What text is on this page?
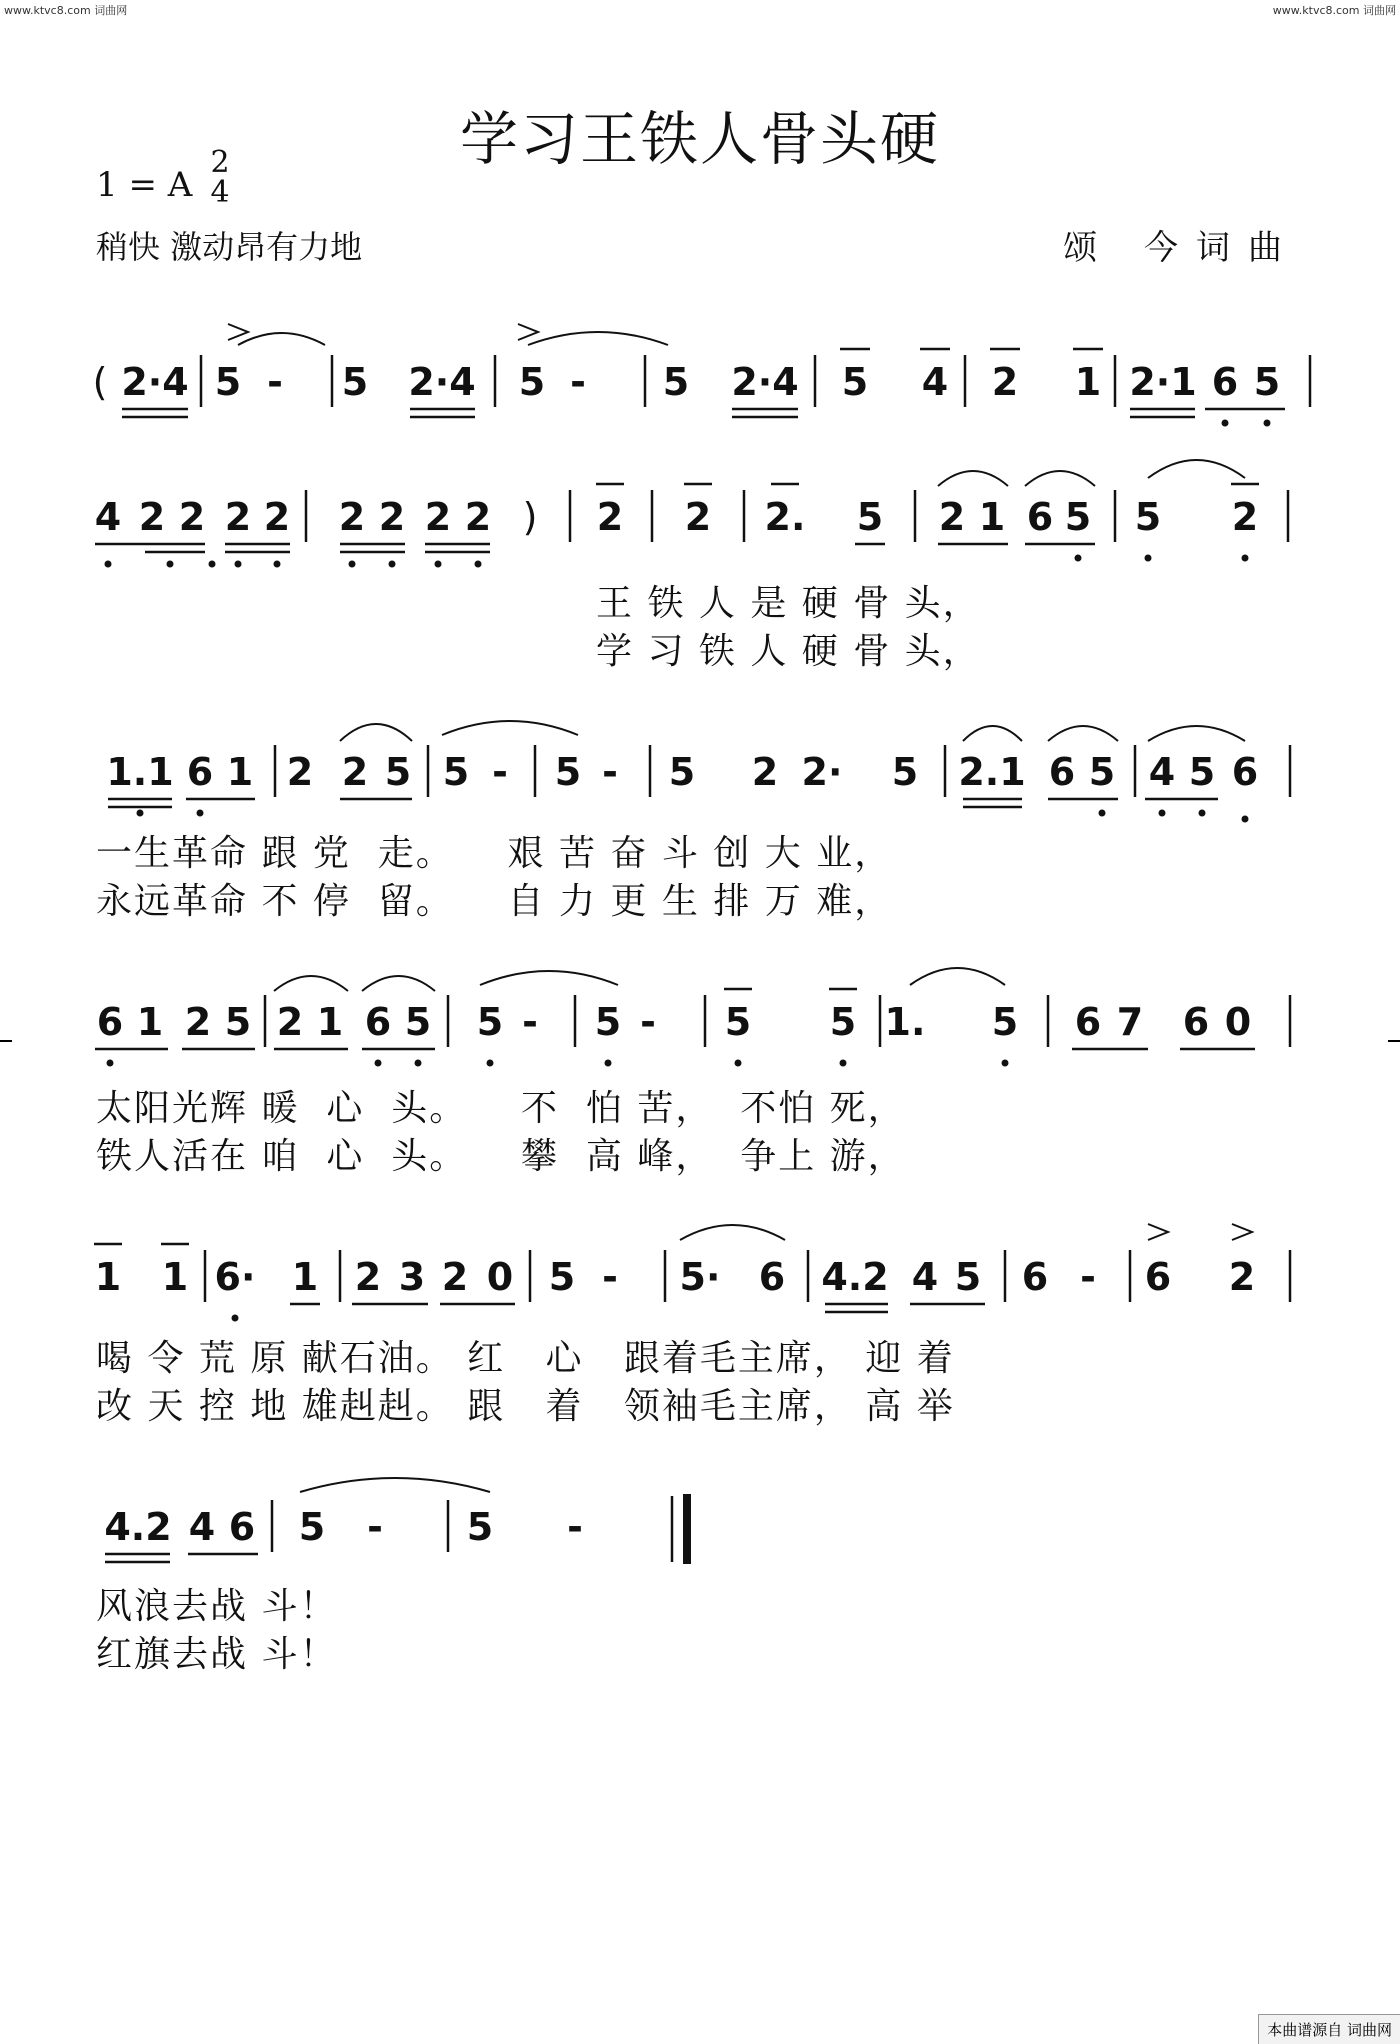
www.ktvc8.com 词曲网	www.ktvc8.com 词曲网
学习王铁人骨头硬
1 = A
2
4
稍快 激动昂有力地	颂 今词曲
( 2·4 5 - 5 2·4 5 - 5 2·4 5 4 2 1 2·1 6 5
4 2 2 2 2 2 2 2 2 ) 2 2 2. 5 2 1 6 5 5 2
1.1 6 1 2 2 5 5 - 5 - 5 2 2· 5 2.1 6 5 4 5 6
6 1 2 5 2 1 6 5 5 - 5 - 5 5 1. 5 6 7 6 0
1 1 6· 1 2 3 2 0 5 - 5· 6 4.2 4 5 6 - 6 2
4.2 4 6 5 - 5 -
王 铁 人 是 硬 骨 头，
学 习 铁 人 硬 骨 头，
一生革命 跟 党  走。    艰 苦 奋 斗 创 大 业，
永远革命 不 停  留。    自 力 更 生 排 万 难，
太阳光辉 暖  心  头。    不  怕 苦，  不怕 死，
铁人活在 咱  心  头。    攀  高 峰，  争上 游，
喝 令 荒 原 献石油。 红   心   跟着毛主席， 迎 着
改 天 控 地 雄赳赳。 跟   着   领袖毛主席， 高 举
风浪去战 斗！
红旗去战 斗！
本曲谱源自 词曲网
